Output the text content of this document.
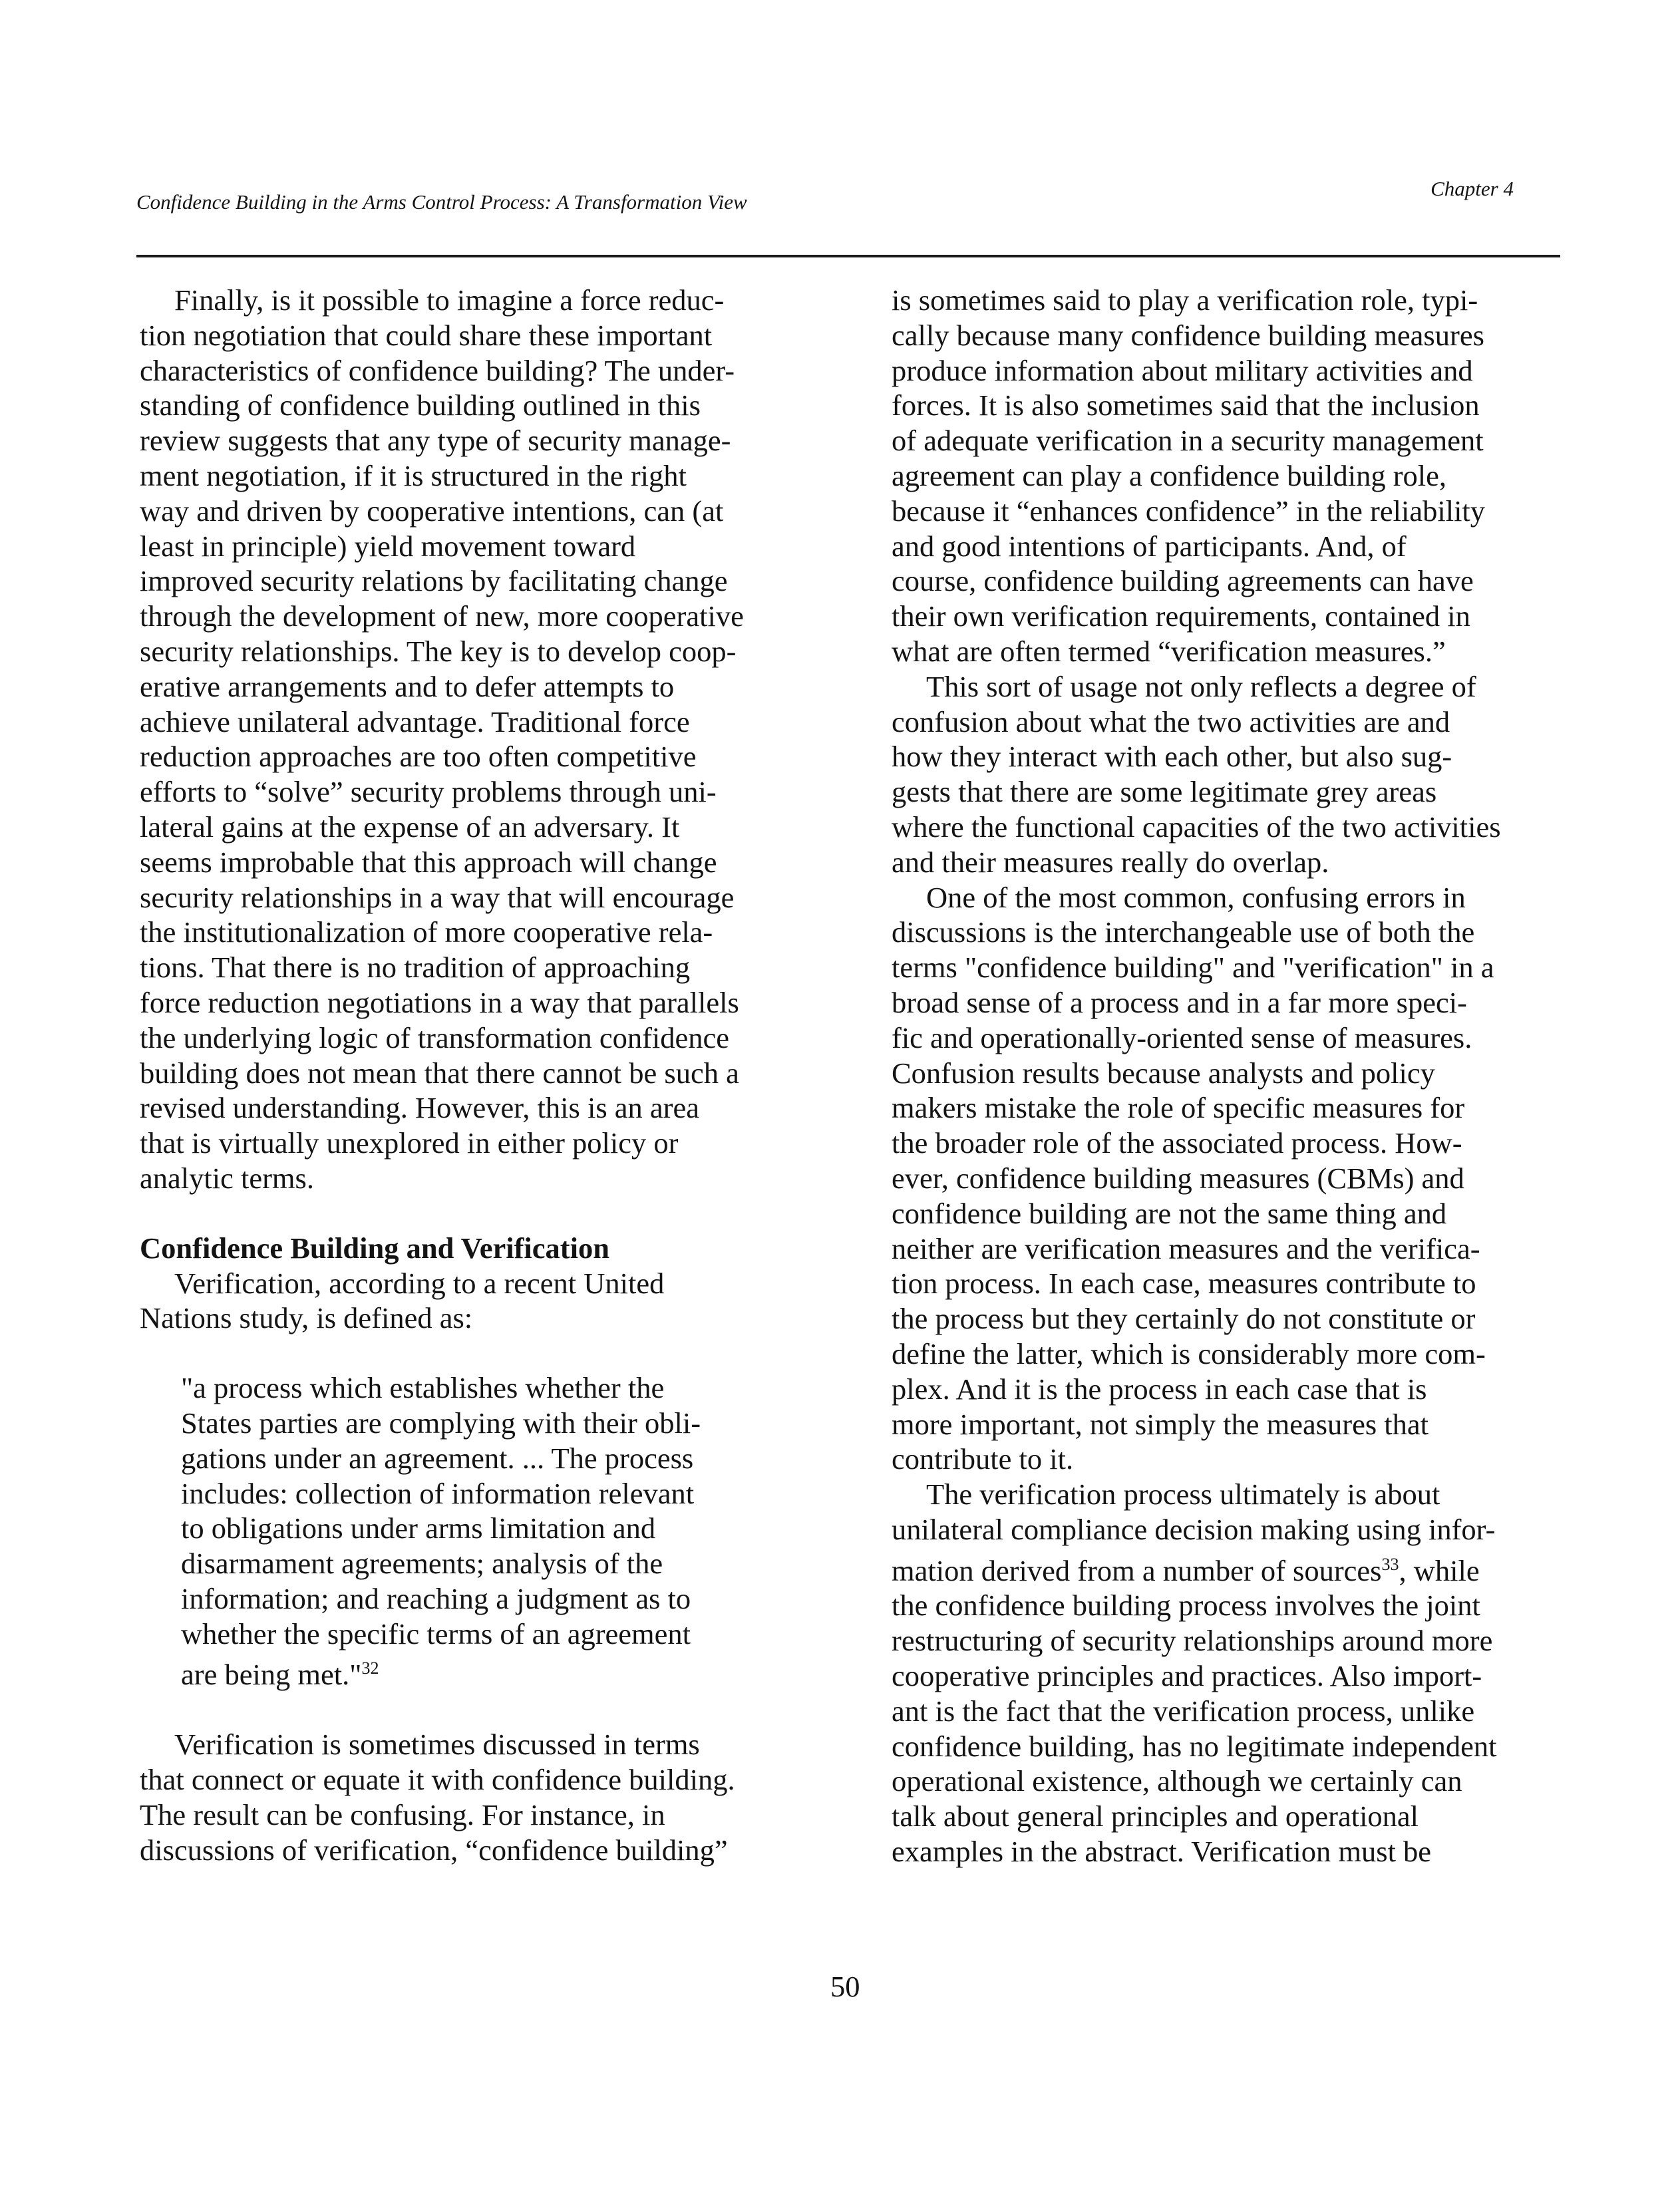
Confidence Building in the Arms Control Process: A Transformation View
Chapter 4
Finally, is it possible to imagine a force reduc-
tion negotiation that could share these important
characteristics of confidence building? The under-
standing of confidence building outlined in this
review suggests that any type of security manage-
ment negotiation, if it is structured in the right
way and driven by cooperative intentions, can (at
least in principle) yield movement toward
improved security relations by facilitating change
through the development of new, more cooperative
security relationships. The key is to develop coop-
erative arrangements and to defer attempts to
achieve unilateral advantage. Traditional force
reduction approaches are too often competitive
efforts to “solve” security problems through uni-
lateral gains at the expense of an adversary. It
seems improbable that this approach will change
security relationships in a way that will encourage
the institutionalization of more cooperative rela-
tions. That there is no tradition of approaching
force reduction negotiations in a way that parallels
the underlying logic of transformation confidence
building does not mean that there cannot be such a
revised understanding. However, this is an area
that is virtually unexplored in either policy or
analytic terms.
Confidence Building and Verification
Verification, according to a recent United
Nations study, is defined as:
"a process which establishes whether the
States parties are complying with their obli-
gations under an agreement. ... The process
includes: collection of information relevant
to obligations under arms limitation and
disarmament agreements; analysis of the
information; and reaching a judgment as to
whether the specific terms of an agreement
are being met."$^{32}$
Verification is sometimes discussed in terms
that connect or equate it with confidence building.
The result can be confusing. For instance, in
discussions of verification, “confidence building”
is sometimes said to play a verification role, typi-
cally because many confidence building measures
produce information about military activities and
forces. It is also sometimes said that the inclusion
of adequate verification in a security management
agreement can play a confidence building role,
because it “enhances confidence” in the reliability
and good intentions of participants. And, of
course, confidence building agreements can have
their own verification requirements, contained in
what are often termed “verification measures.”
This sort of usage not only reflects a degree of
confusion about what the two activities are and
how they interact with each other, but also sug-
gests that there are some legitimate grey areas
where the functional capacities of the two activities
and their measures really do overlap.
One of the most common, confusing errors in
discussions is the interchangeable use of both the
terms "confidence building" and "verification" in a
broad sense of a process and in a far more speci-
fic and operationally-oriented sense of measures.
Confusion results because analysts and policy
makers mistake the role of specific measures for
the broader role of the associated process. How-
ever, confidence building measures (CBMs) and
confidence building are not the same thing and
neither are verification measures and the verifica-
tion process. In each case, measures contribute to
the process but they certainly do not constitute or
define the latter, which is considerably more com-
plex. And it is the process in each case that is
more important, not simply the measures that
contribute to it.
The verification process ultimately is about
unilateral compliance decision making using infor-
mation derived from a number of sources$^{33}$, while
the confidence building process involves the joint
restructuring of security relationships around more
cooperative principles and practices. Also import-
ant is the fact that the verification process, unlike
confidence building, has no legitimate independent
operational existence, although we certainly can
talk about general principles and operational
examples in the abstract. Verification must be
50
